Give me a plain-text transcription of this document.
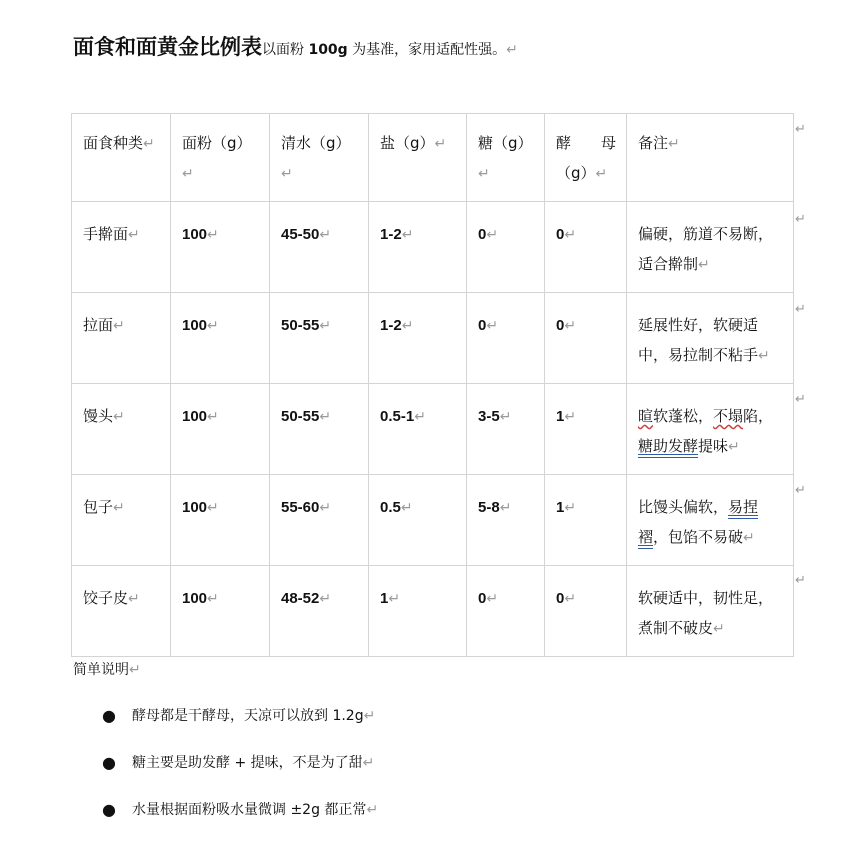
面食和面黄金比例表以面粉 100g 为基准，家用适配性强。↵
面食种类↵	面粉（g）↵	清水（g）↵	盐（g）↵	糖（g）↵	酵　　母（g）↵	备注↵
手擀面↵	100↵	45-50↵	1-2↵	0↵	0↵	偏硬，筋道不易断，适合擀制↵
拉面↵	100↵	50-55↵	1-2↵	0↵	0↵	延展性好，软硬适中，易拉制不粘手↵
馒头↵	100↵	50-55↵	0.5-1↵	3-5↵	1↵	暄软蓬松，不塌陷，糖助发酵提味↵
包子↵	100↵	55-60↵	0.5↵	5-8↵	1↵	比馒头偏软，易捏褶，包馅不易破↵
饺子皮↵	100↵	48-52↵	1↵	0↵	0↵	软硬适中，韧性足，煮制不破皮↵
↵
↵
↵
↵
↵
↵
简单说明↵
● 酵母都是干酵母，天凉可以放到 1.2g↵
● 糖主要是助发酵 + 提味，不是为了甜↵
● 水量根据面粉吸水量微调 ±2g 都正常↵
